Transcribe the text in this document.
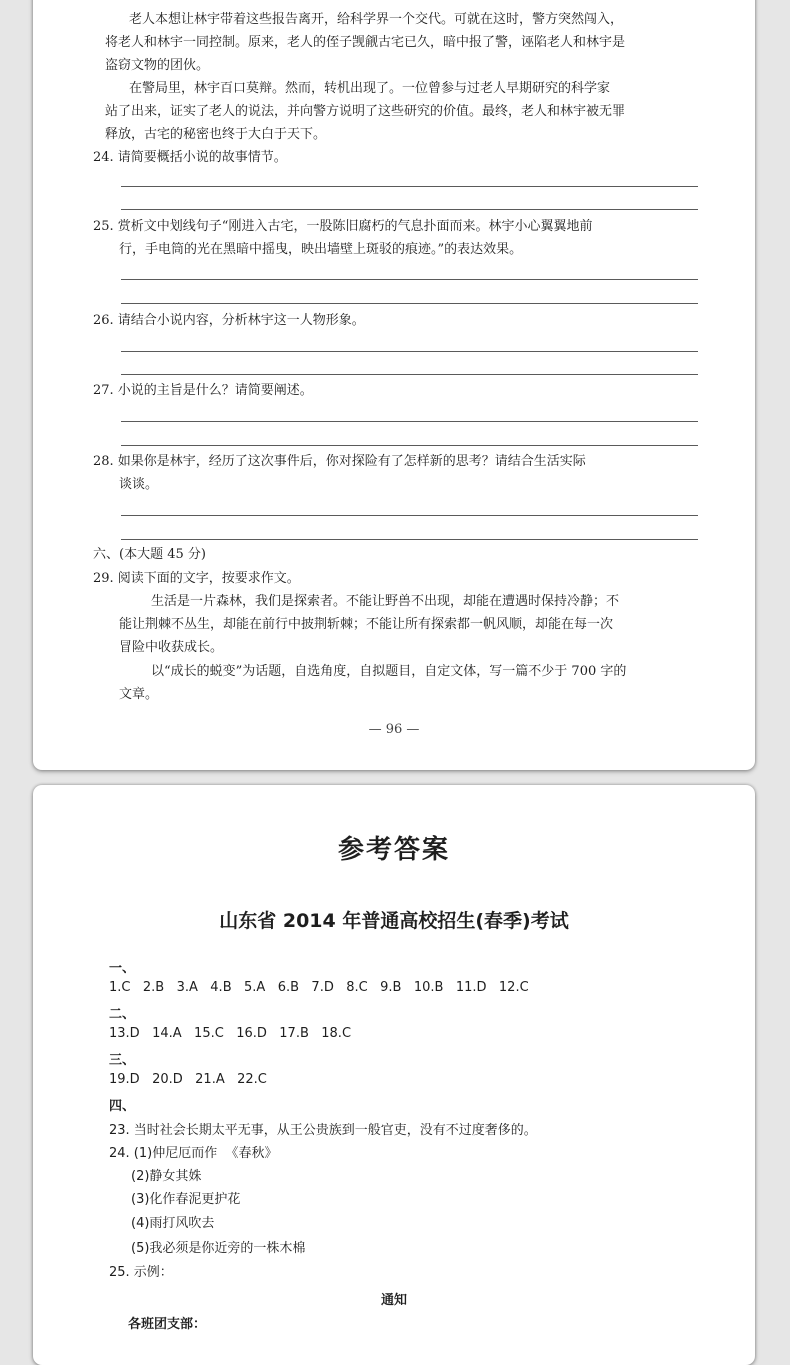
老人本想让林宇带着这些报告离开，给科学界一个交代。可就在这时，警方突然闯入，
将老人和林宇一同控制。原来，老人的侄子觊觎古宅已久，暗中报了警，诬陷老人和林宇是
盗窃文物的团伙。
在警局里，林宇百口莫辩。然而，转机出现了。一位曾参与过老人早期研究的科学家
站了出来，证实了老人的说法，并向警方说明了这些研究的价值。最终，老人和林宇被无罪
释放，古宅的秘密也终于大白于天下。
24. 请简要概括小说的故事情节。
25. 赏析文中划线句子“刚进入古宅，一股陈旧腐朽的气息扑面而来。林宇小心翼翼地前
行，手电筒的光在黑暗中摇曳，映出墙壁上斑驳的痕迹。”的表达效果。
26. 请结合小说内容，分析林宇这一人物形象。
27. 小说的主旨是什么？请简要阐述。
28. 如果你是林宇，经历了这次事件后，你对探险有了怎样新的思考？请结合生活实际
谈谈。
六、(本大题 45 分)
29. 阅读下面的文字，按要求作文。
生活是一片森林，我们是探索者。不能让野兽不出现，却能在遭遇时保持冷静；不
能让荆棘不丛生，却能在前行中披荆斩棘；不能让所有探索都一帆风顺，却能在每一次
冒险中收获成长。
以“成长的蜕变”为话题，自选角度，自拟题目，自定文体，写一篇不少于 700 字的
文章。
— 96 —
参考答案
山东省 2014 年普通高校招生(春季)考试
一、
1.C   2.B   3.A   4.B   5.A   6.B   7.D   8.C   9.B   10.B   11.D   12.C
二、
13.D   14.A   15.C   16.D   17.B   18.C
三、
19.D   20.D   21.A   22.C
四、
23. 当时社会长期太平无事，从王公贵族到一般官吏，没有不过度奢侈的。
24. (1)仲尼厄而作  《春秋》
(2)静女其姝
(3)化作春泥更护花
(4)雨打风吹去
(5)我必须是你近旁的一株木棉
25. 示例：
通知
各班团支部：
